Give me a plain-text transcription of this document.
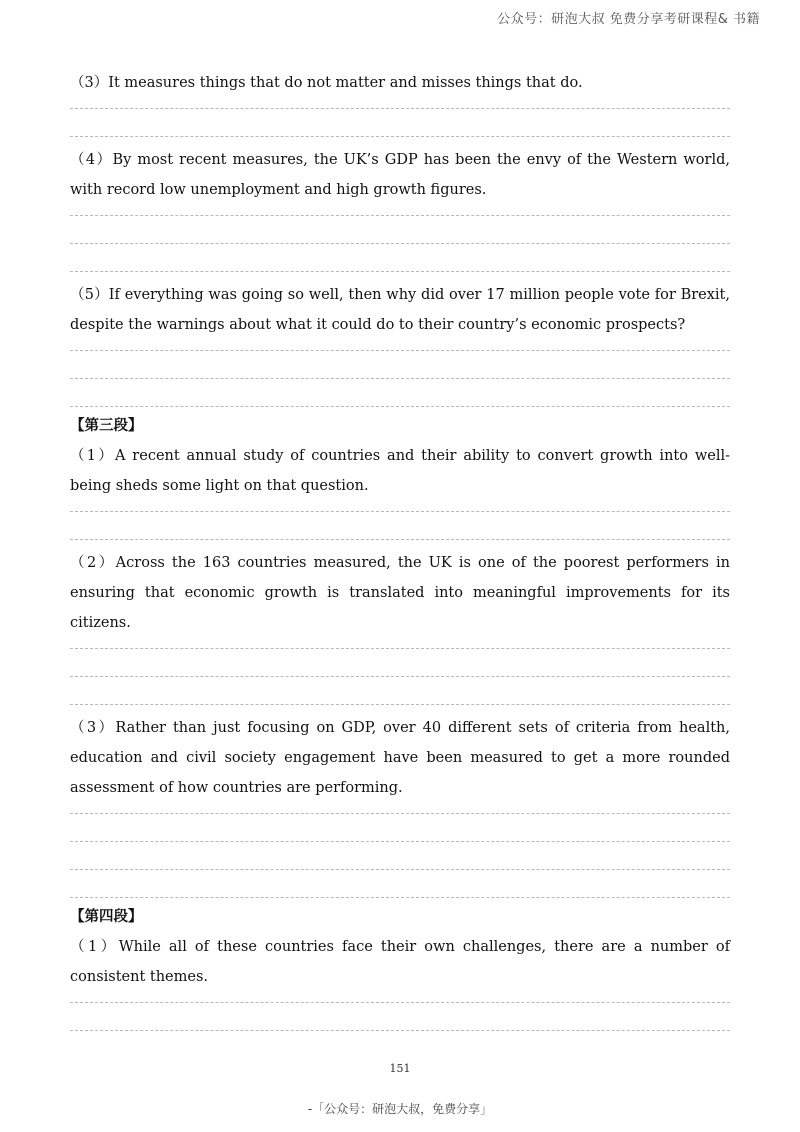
公众号：研泡大叔 免费分享考研课程& 书籍

（3）It measures things that do not matter and misses things that do.

（4）By most recent measures, the UK’s GDP has been the envy of the Western world, with record low unemployment and high growth figures.

（5）If everything was going so well, then why did over 17 million people vote for Brexit, despite the warnings about what it could do to their country’s economic prospects?

【第三段】

（1）A recent annual study of countries and their ability to convert growth into well-being sheds some light on that question.

（2）Across the 163 countries measured, the UK is one of the poorest performers in ensuring that economic growth is translated into meaningful improvements for its citizens.

（3）Rather than just focusing on GDP, over 40 different sets of criteria from health, education and civil society engagement have been measured to get a more rounded assessment of how countries are performing.

【第四段】

（1）While all of these countries face their own challenges, there are a number of consistent themes.

151
-「公众号：研泡大叔，免费分享」
